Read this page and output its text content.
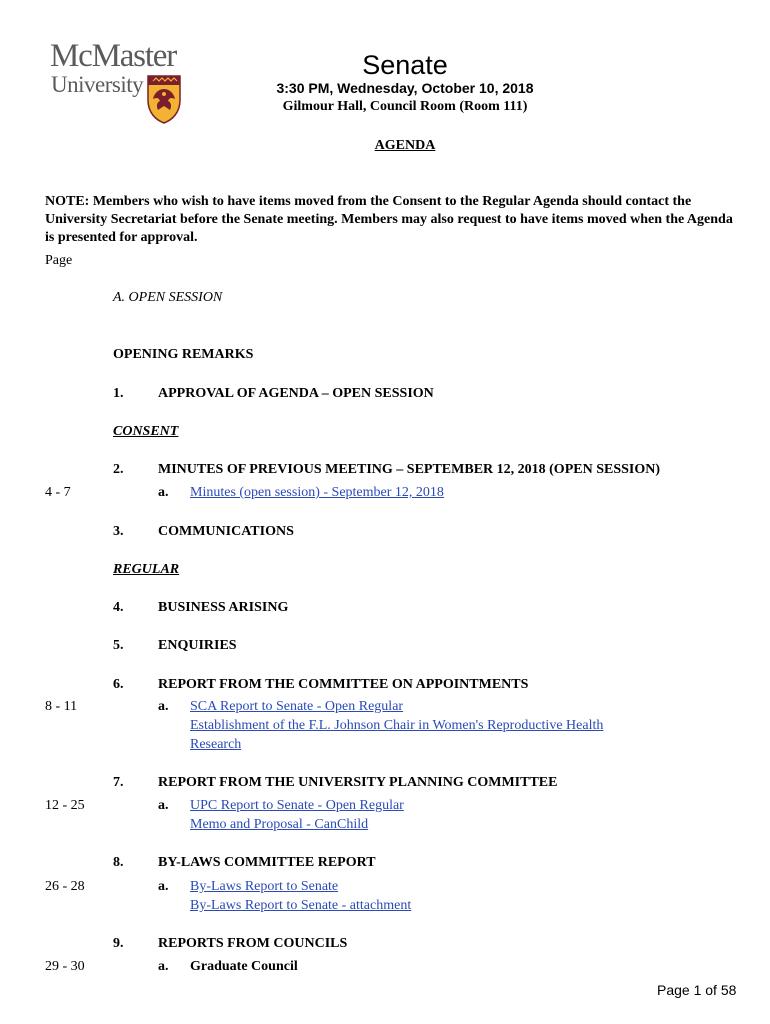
McMaster
University
Senate
3:30 PM, Wednesday, October 10, 2018
Gilmour Hall, Council Room (Room 111)
AGENDA
NOTE: Members who wish to have items moved from the Consent to the Regular Agenda should contact the University Secretariat before the Senate meeting. Members may also request to have items moved when the Agenda is presented for approval.
Page
A. OPEN SESSION
OPENING REMARKS
1. APPROVAL OF AGENDA – OPEN SESSION
CONSENT
2. MINUTES OF PREVIOUS MEETING – SEPTEMBER 12, 2018 (OPEN SESSION)
4 - 7	a. Minutes (open session) - September 12, 2018
3. COMMUNICATIONS
REGULAR
4. BUSINESS ARISING
5. ENQUIRIES
6. REPORT FROM THE COMMITTEE ON APPOINTMENTS
8 - 11	a. SCA Report to Senate - Open Regular
Establishment of the F.L. Johnson Chair in Women's Reproductive Health
Research
7. REPORT FROM THE UNIVERSITY PLANNING COMMITTEE
12 - 25	a. UPC Report to Senate - Open Regular
Memo and Proposal - CanChild
8. BY-LAWS COMMITTEE REPORT
26 - 28	a. By-Laws Report to Senate
By-Laws Report to Senate - attachment
9. REPORTS FROM COUNCILS
29 - 30	a. Graduate Council
Page 1 of 58
